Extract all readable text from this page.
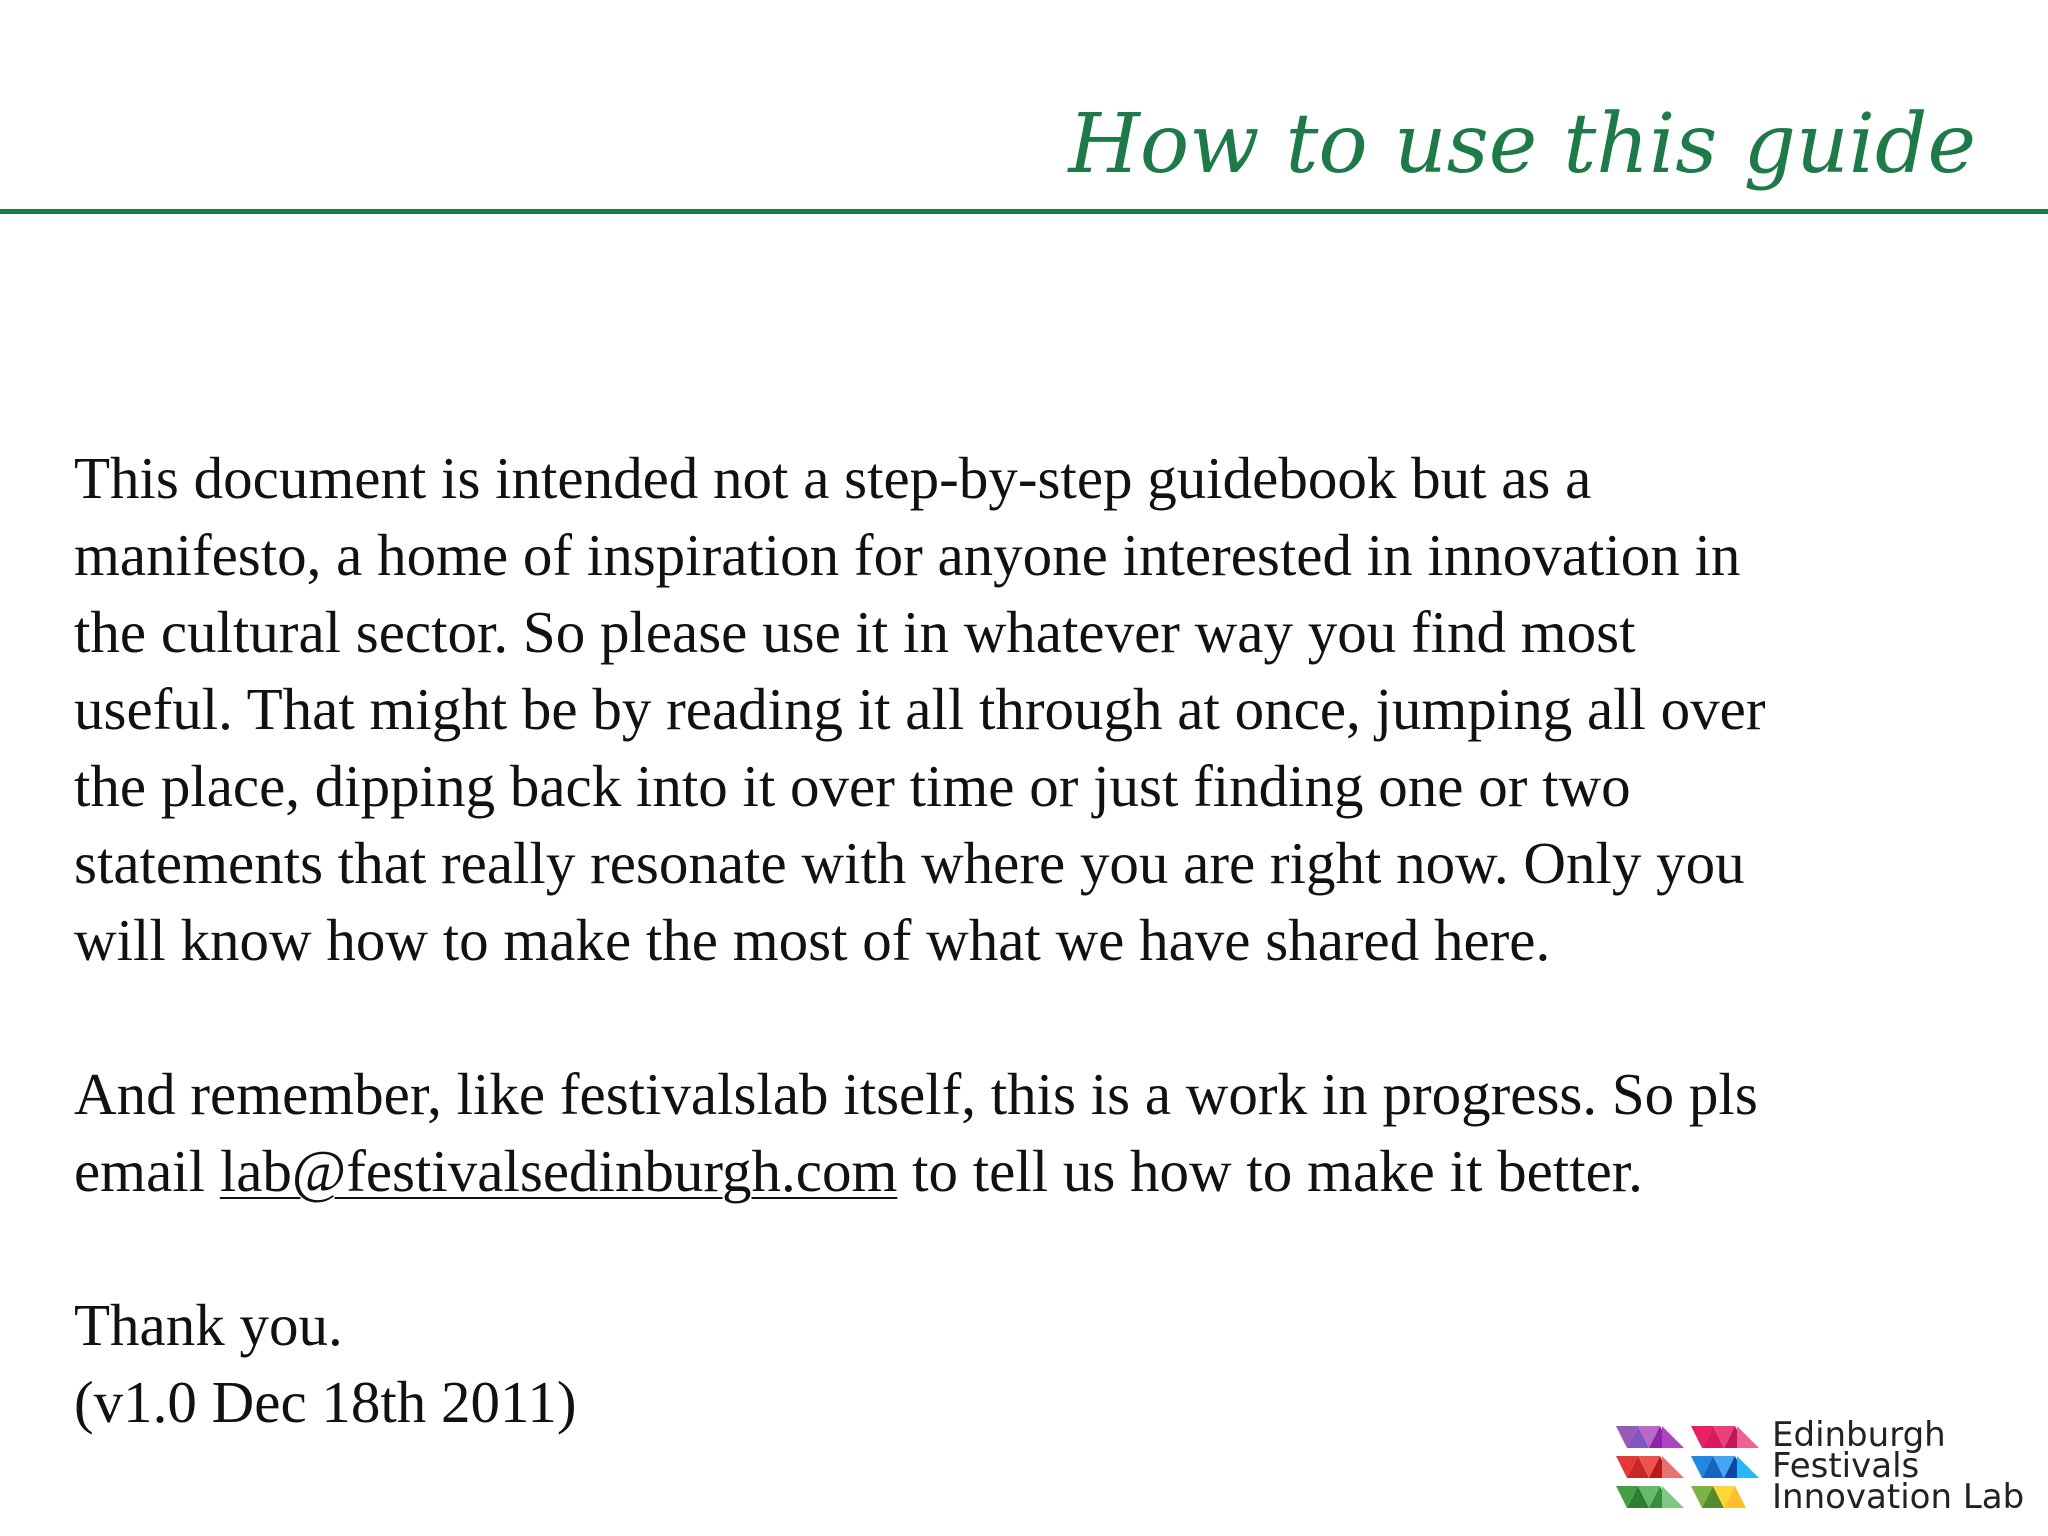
How to use this guide

This document is intended not a step-by-step guidebook but as a
manifesto, a home of inspiration for anyone interested in innovation in
the cultural sector. So please use it in whatever way you find most
useful. That might be by reading it all through at once, jumping all over
the place, dipping back into it over time or just finding one or two
statements that really resonate with where you are right now. Only you
will know how to make the most of what we have shared here.

And remember, like festivalslab itself, this is a work in progress. So pls
email lab@festivalsedinburgh.com to tell us how to make it better.

Thank you.
(v1.0 Dec 18th 2011)	Edinburgh
Festivals
Innovation Lab
